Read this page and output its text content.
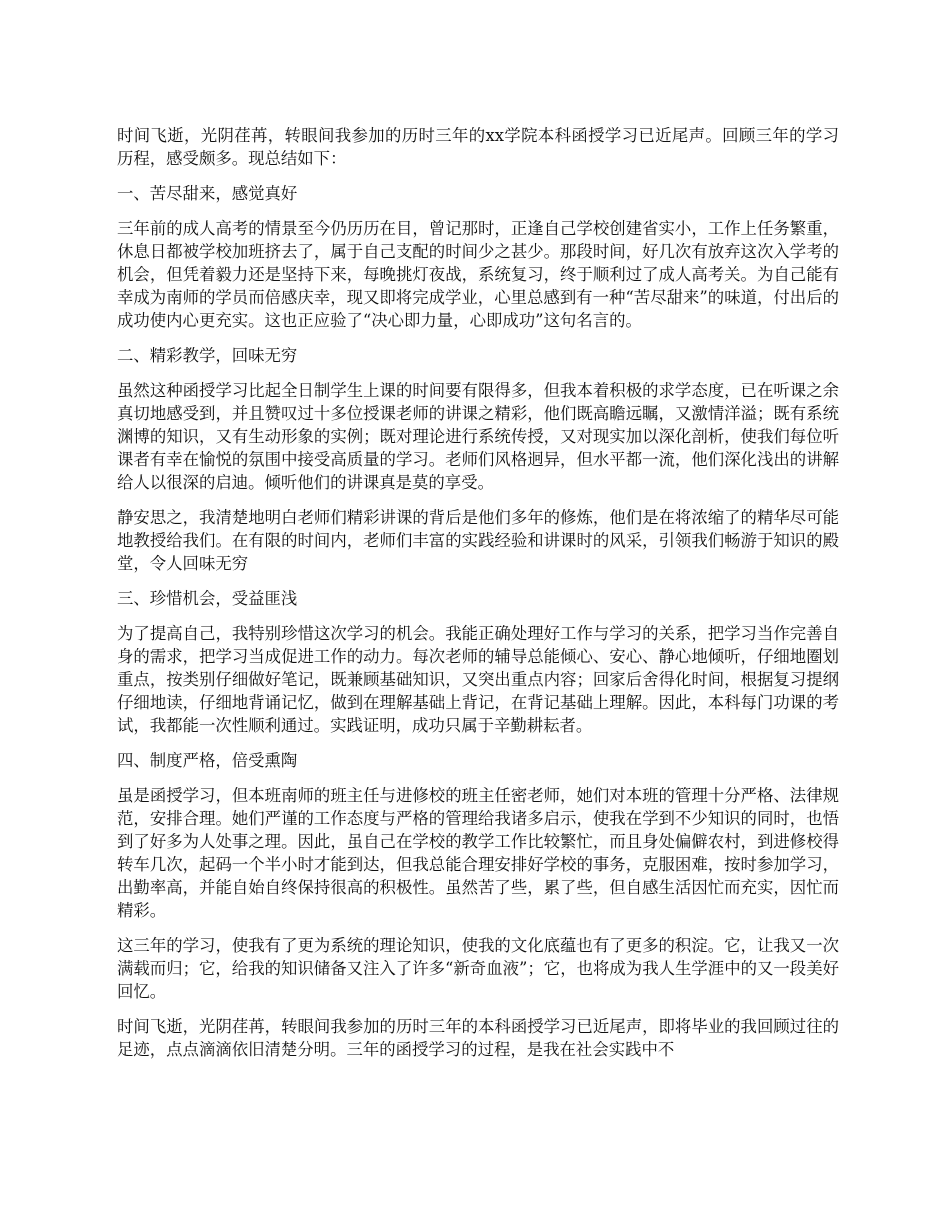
时间飞逝，光阴荏苒，转眼间我参加的历时三年的xx学院本科函授学习已近尾声。回顾三年的学习历程，感受颇多。现总结如下：

一、苦尽甜来，感觉真好

三年前的成人高考的情景至今仍历历在目，曾记那时，正逢自己学校创建省实小，工作上任务繁重，休息日都被学校加班挤去了，属于自己支配的时间少之甚少。那段时间，好几次有放弃这次入学考的机会，但凭着毅力还是坚持下来，每晚挑灯夜战，系统复习，终于顺利过了成人高考关。为自己能有幸成为南师的学员而倍感庆幸，现又即将完成学业，心里总感到有一种“苦尽甜来”的味道，付出后的成功使内心更充实。这也正应验了“决心即力量，心即成功”这句名言的。

二、精彩教学，回味无穷

虽然这种函授学习比起全日制学生上课的时间要有限得多，但我本着积极的求学态度，已在听课之余真切地感受到，并且赞叹过十多位授课老师的讲课之精彩，他们既高瞻远瞩，又激情洋溢；既有系统渊博的知识，又有生动形象的实例；既对理论进行系统传授，又对现实加以深化剖析，使我们每位听课者有幸在愉悦的氛围中接受高质量的学习。老师们风格迥异，但水平都一流，他们深化浅出的讲解给人以很深的启迪。倾听他们的讲课真是莫的享受。

静安思之，我清楚地明白老师们精彩讲课的背后是他们多年的修炼，他们是在将浓缩了的精华尽可能地教授给我们。在有限的时间内，老师们丰富的实践经验和讲课时的风采，引领我们畅游于知识的殿堂，令人回味无穷

三、珍惜机会，受益匪浅

为了提高自己，我特别珍惜这次学习的机会。我能正确处理好工作与学习的关系，把学习当作完善自身的需求，把学习当成促进工作的动力。每次老师的辅导总能倾心、安心、静心地倾听，仔细地圈划重点，按类别仔细做好笔记，既兼顾基础知识，又突出重点内容；回家后舍得化时间，根据复习提纲仔细地读，仔细地背诵记忆，做到在理解基础上背记，在背记基础上理解。因此，本科每门功课的考试，我都能一次性顺利通过。实践证明，成功只属于辛勤耕耘者。

四、制度严格，倍受熏陶

虽是函授学习，但本班南师的班主任与进修校的班主任密老师，她们对本班的管理十分严格、法律规范，安排合理。她们严谨的工作态度与严格的管理给我诸多启示，使我在学到不少知识的同时，也悟到了好多为人处事之理。因此，虽自己在学校的教学工作比较繁忙，而且身处偏僻农村，到进修校得转车几次，起码一个半小时才能到达，但我总能合理安排好学校的事务，克服困难，按时参加学习，出勤率高，并能自始自终保持很高的积极性。虽然苦了些，累了些，但自感生活因忙而充实，因忙而精彩。

这三年的学习，使我有了更为系统的理论知识，使我的文化底蕴也有了更多的积淀。它，让我又一次满载而归；它，给我的知识储备又注入了许多“新奇血液”；它，也将成为我人生学涯中的又一段美好回忆。

时间飞逝，光阴荏苒，转眼间我参加的历时三年的本科函授学习已近尾声，即将毕业的我回顾过往的足迹，点点滴滴依旧清楚分明。三年的函授学习的过程，是我在社会实践中不
